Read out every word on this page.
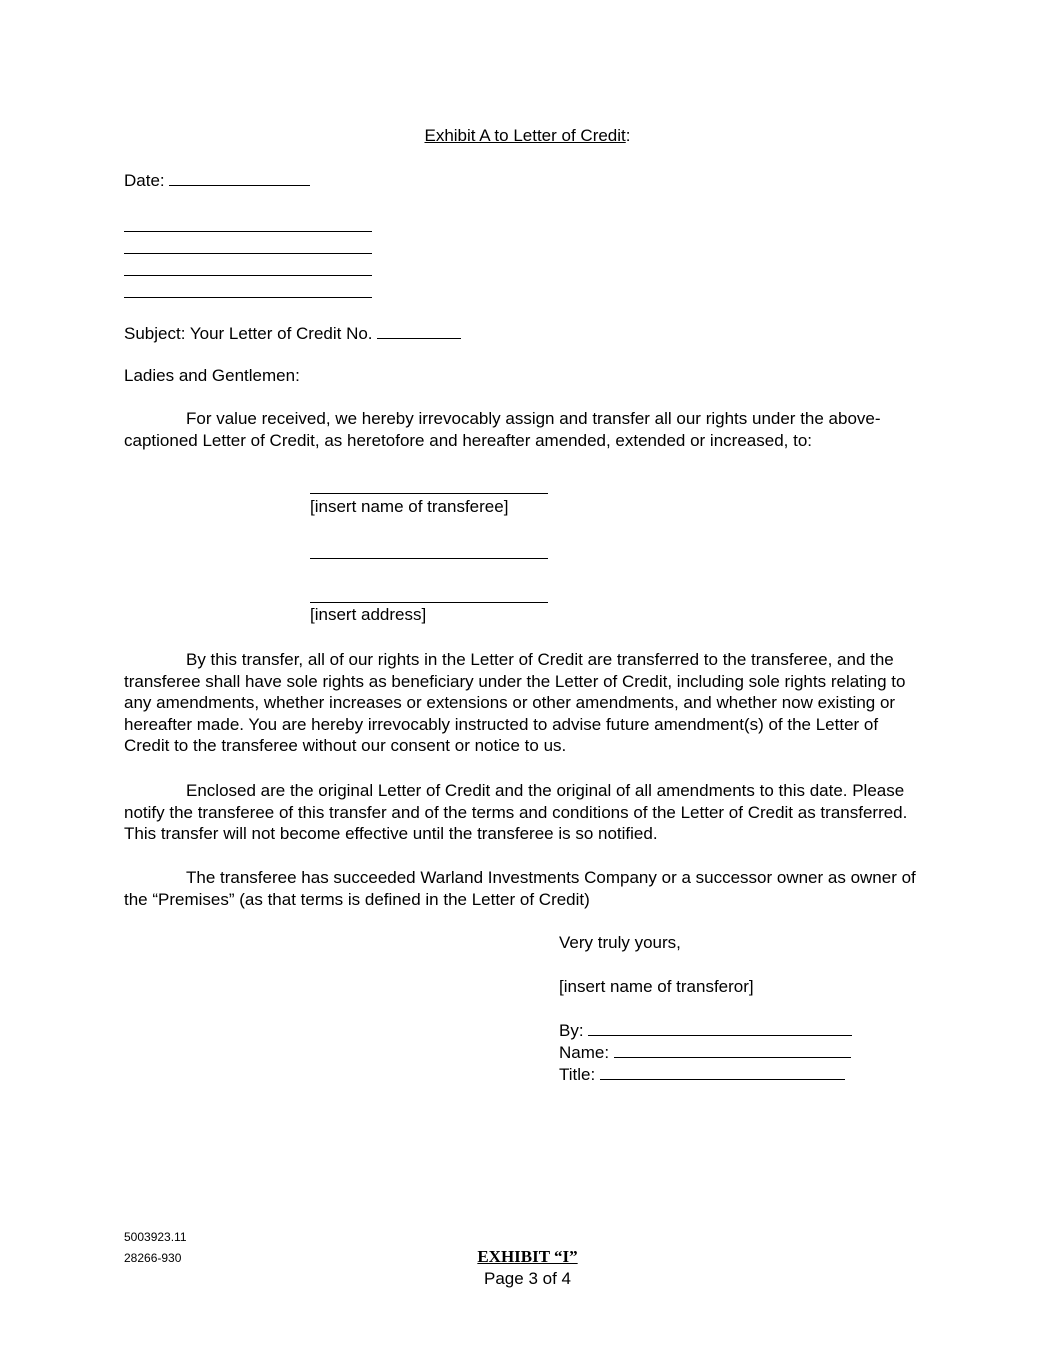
Exhibit A to Letter of Credit:
Date:
Subject: Your Letter of Credit No.
Ladies and Gentlemen:
For value received, we hereby irrevocably assign and transfer all our rights under the above-
captioned Letter of Credit, as heretofore and hereafter amended, extended or increased, to:
[insert name of transferee]
[insert address]
By this transfer, all of our rights in the Letter of Credit are transferred to the transferee, and the
transferee shall have sole rights as beneficiary under the Letter of Credit, including sole rights relating to
any amendments, whether increases or extensions or other amendments, and whether now existing or
hereafter made. You are hereby irrevocably instructed to advise future amendment(s) of the Letter of
Credit to the transferee without our consent or notice to us.
Enclosed are the original Letter of Credit and the original of all amendments to this date. Please
notify the transferee of this transfer and of the terms and conditions of the Letter of Credit as transferred.
This transfer will not become effective until the transferee is so notified.
The transferee has succeeded Warland Investments Company or a successor owner as owner of
the “Premises” (as that terms is defined in the Letter of Credit)
Very truly yours,
[insert name of transferor]
By:
Name:
Title:
5003923.11
28266-930	EXHIBIT “I”
Page 3 of 4
